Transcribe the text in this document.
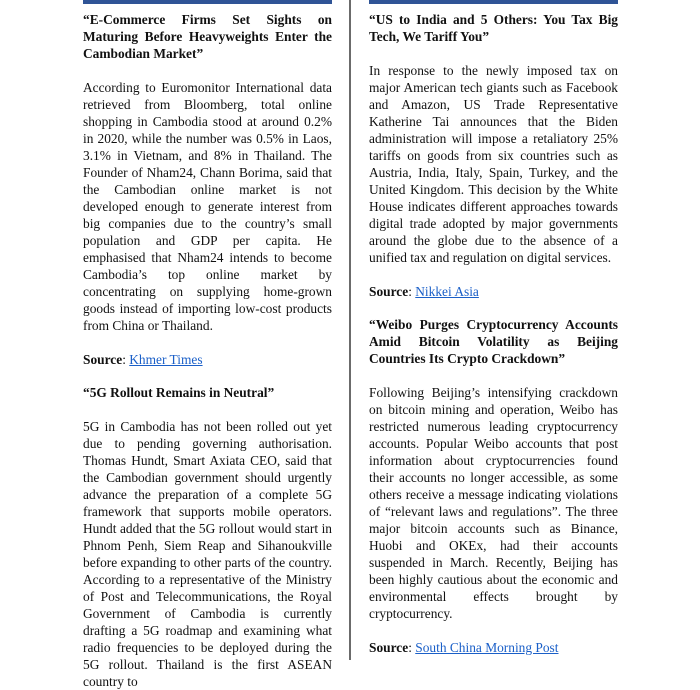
“E-Commerce Firms Set Sights on Maturing Before Heavyweights Enter the Cambodian Market”

According to Euromonitor International data retrieved from Bloomberg, total online shopping in Cambodia stood at around 0.2% in 2020, while the number was 0.5% in Laos, 3.1% in Vietnam, and 8% in Thailand. The Founder of Nham24, Chann Borima, said that the Cambodian online market is not developed enough to generate interest from big companies due to the country’s small population and GDP per capita. He emphasised that Nham24 intends to become Cambodia’s top online market by concentrating on supplying home-grown goods instead of importing low-cost products from China or Thailand.

Source: Khmer Times

“5G Rollout Remains in Neutral”

5G in Cambodia has not been rolled out yet due to pending governing authorisation. Thomas Hundt, Smart Axiata CEO, said that the Cambodian government should urgently advance the preparation of a complete 5G framework that supports mobile operators. Hundt added that the 5G rollout would start in Phnom Penh, Siem Reap and Sihanoukville before expanding to other parts of the country. According to a representative of the Ministry of Post and Telecommunications, the Royal Government of Cambodia is currently drafting a 5G roadmap and examining what radio frequencies to be deployed during the 5G rollout. Thailand is the first ASEAN country to

“US to India and 5 Others: You Tax Big Tech, We Tariff You”

In response to the newly imposed tax on major American tech giants such as Facebook and Amazon, US Trade Representative Katherine Tai announces that the Biden administration will impose a retaliatory 25% tariffs on goods from six countries such as Austria, India, Italy, Spain, Turkey, and the United Kingdom. This decision by the White House indicates different approaches towards digital trade adopted by major governments around the globe due to the absence of a unified tax and regulation on digital services.

Source: Nikkei Asia

“Weibo Purges Cryptocurrency Accounts Amid Bitcoin Volatility as Beijing Countries Its Crypto Crackdown”

Following Beijing’s intensifying crackdown on bitcoin mining and operation, Weibo has restricted numerous leading cryptocurrency accounts. Popular Weibo accounts that post information about cryptocurrencies found their accounts no longer accessible, as some others receive a message indicating violations of “relevant laws and regulations”. The three major bitcoin accounts such as Binance, Huobi and OKEx, had their accounts suspended in March. Recently, Beijing has been highly cautious about the economic and environmental effects brought by cryptocurrency.

Source: South China Morning Post
